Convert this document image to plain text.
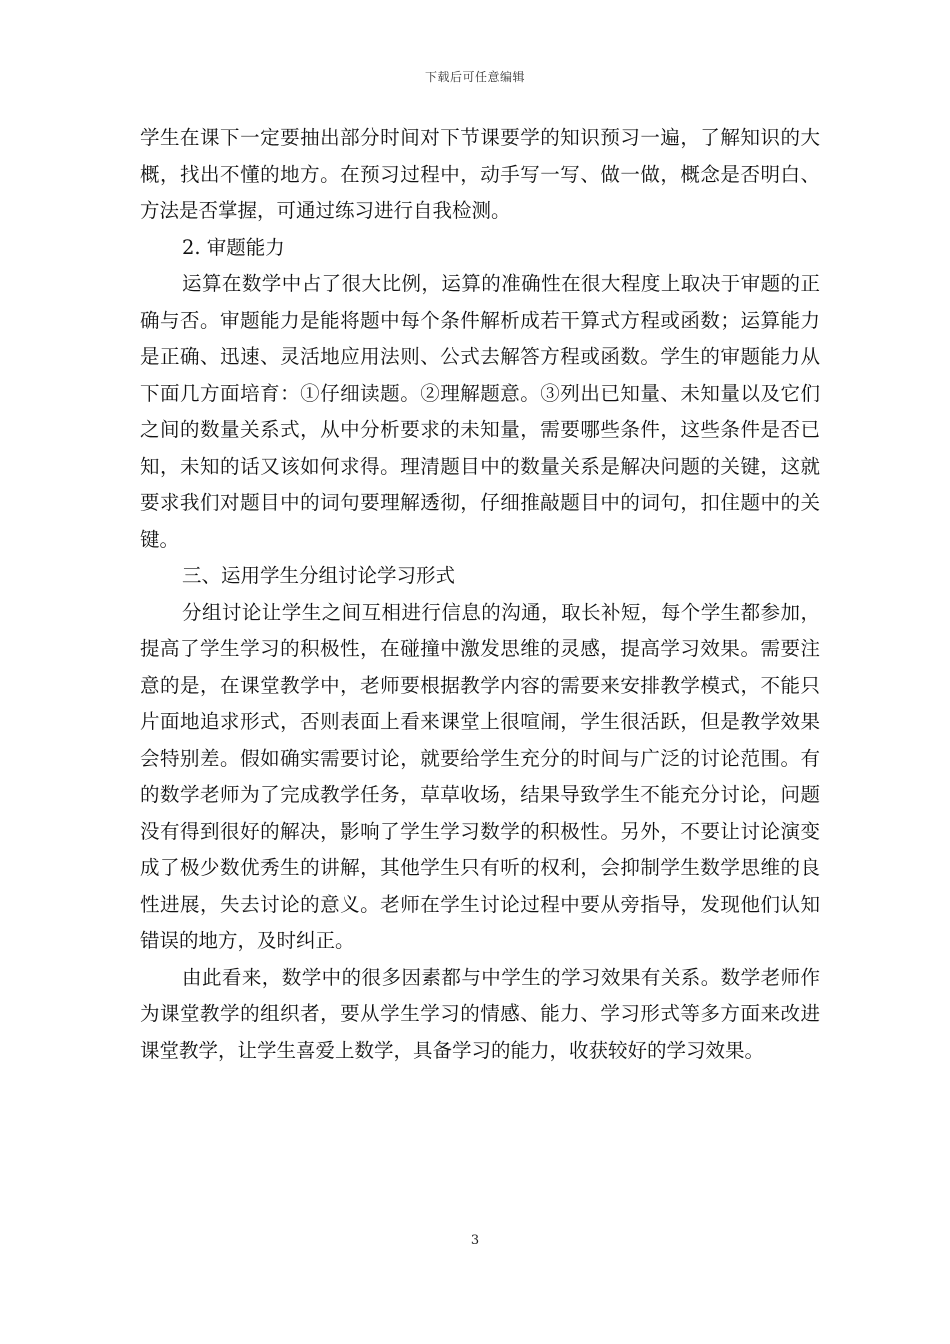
下载后可任意编辑
学生在课下一定要抽出部分时间对下节课要学的知识预习一遍，了解知识的大
概，找出不懂的地方。在预习过程中，动手写一写、做一做，概念是否明白、
方法是否掌握，可通过练习进行自我检测。
2. 审题能力
运算在数学中占了很大比例，运算的准确性在很大程度上取决于审题的正
确与否。审题能力是能将题中每个条件解析成若干算式方程或函数；运算能力
是正确、迅速、灵活地应用法则、公式去解答方程或函数。学生的审题能力从
下面几方面培育：①仔细读题。②理解题意。③列出已知量、未知量以及它们
之间的数量关系式，从中分析要求的未知量，需要哪些条件，这些条件是否已
知，未知的话又该如何求得。理清题目中的数量关系是解决问题的关键，这就
要求我们对题目中的词句要理解透彻，仔细推敲题目中的词句，扣住题中的关
键。
三、运用学生分组讨论学习形式
分组讨论让学生之间互相进行信息的沟通，取长补短，每个学生都参加，
提高了学生学习的积极性，在碰撞中激发思维的灵感，提高学习效果。需要注
意的是，在课堂教学中，老师要根据教学内容的需要来安排教学模式，不能只
片面地追求形式，否则表面上看来课堂上很喧闹，学生很活跃，但是教学效果
会特别差。假如确实需要讨论，就要给学生充分的时间与广泛的讨论范围。有
的数学老师为了完成教学任务，草草收场，结果导致学生不能充分讨论，问题
没有得到很好的解决，影响了学生学习数学的积极性。另外，不要让讨论演变
成了极少数优秀生的讲解，其他学生只有听的权利，会抑制学生数学思维的良
性进展，失去讨论的意义。老师在学生讨论过程中要从旁指导，发现他们认知
错误的地方，及时纠正。
由此看来，数学中的很多因素都与中学生的学习效果有关系。数学老师作
为课堂教学的组织者，要从学生学习的情感、能力、学习形式等多方面来改进
课堂教学，让学生喜爱上数学，具备学习的能力，收获较好的学习效果。
3
